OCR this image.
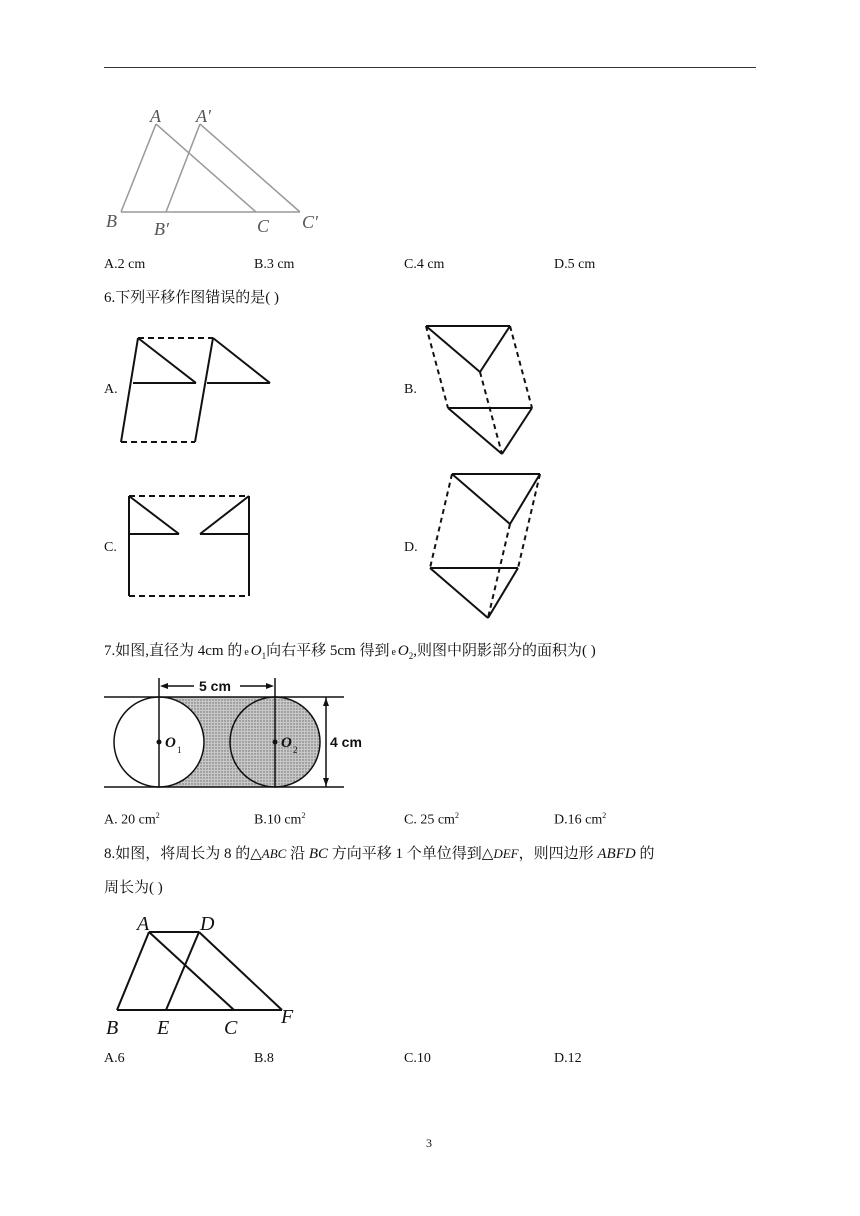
A A′
B B′	C C′
A.2 cm	B.3 cm	C.4 cm	D.5 cm
6.下列平移作图错误的是( )
A.	B.
C.	D.
7.如图,直径为 4cm 的 e $O_1$向右平移 5cm 得到 e $O_2$,则图中阴影部分的面积为( )
5 cm
4 cm
O 1	O 2
A. 20 $cm^2$	B.10 $cm^2$	C. 25 $cm^2$	D.16 $cm^2$
8.如图，将周长为 8 的△ABC 沿 BC 方向平移 1 个单位得到△DEF，则四边形 ABFD 的
周长为( )
A	D
B E	C F
A.6	B.8	C.10	D.12
3
